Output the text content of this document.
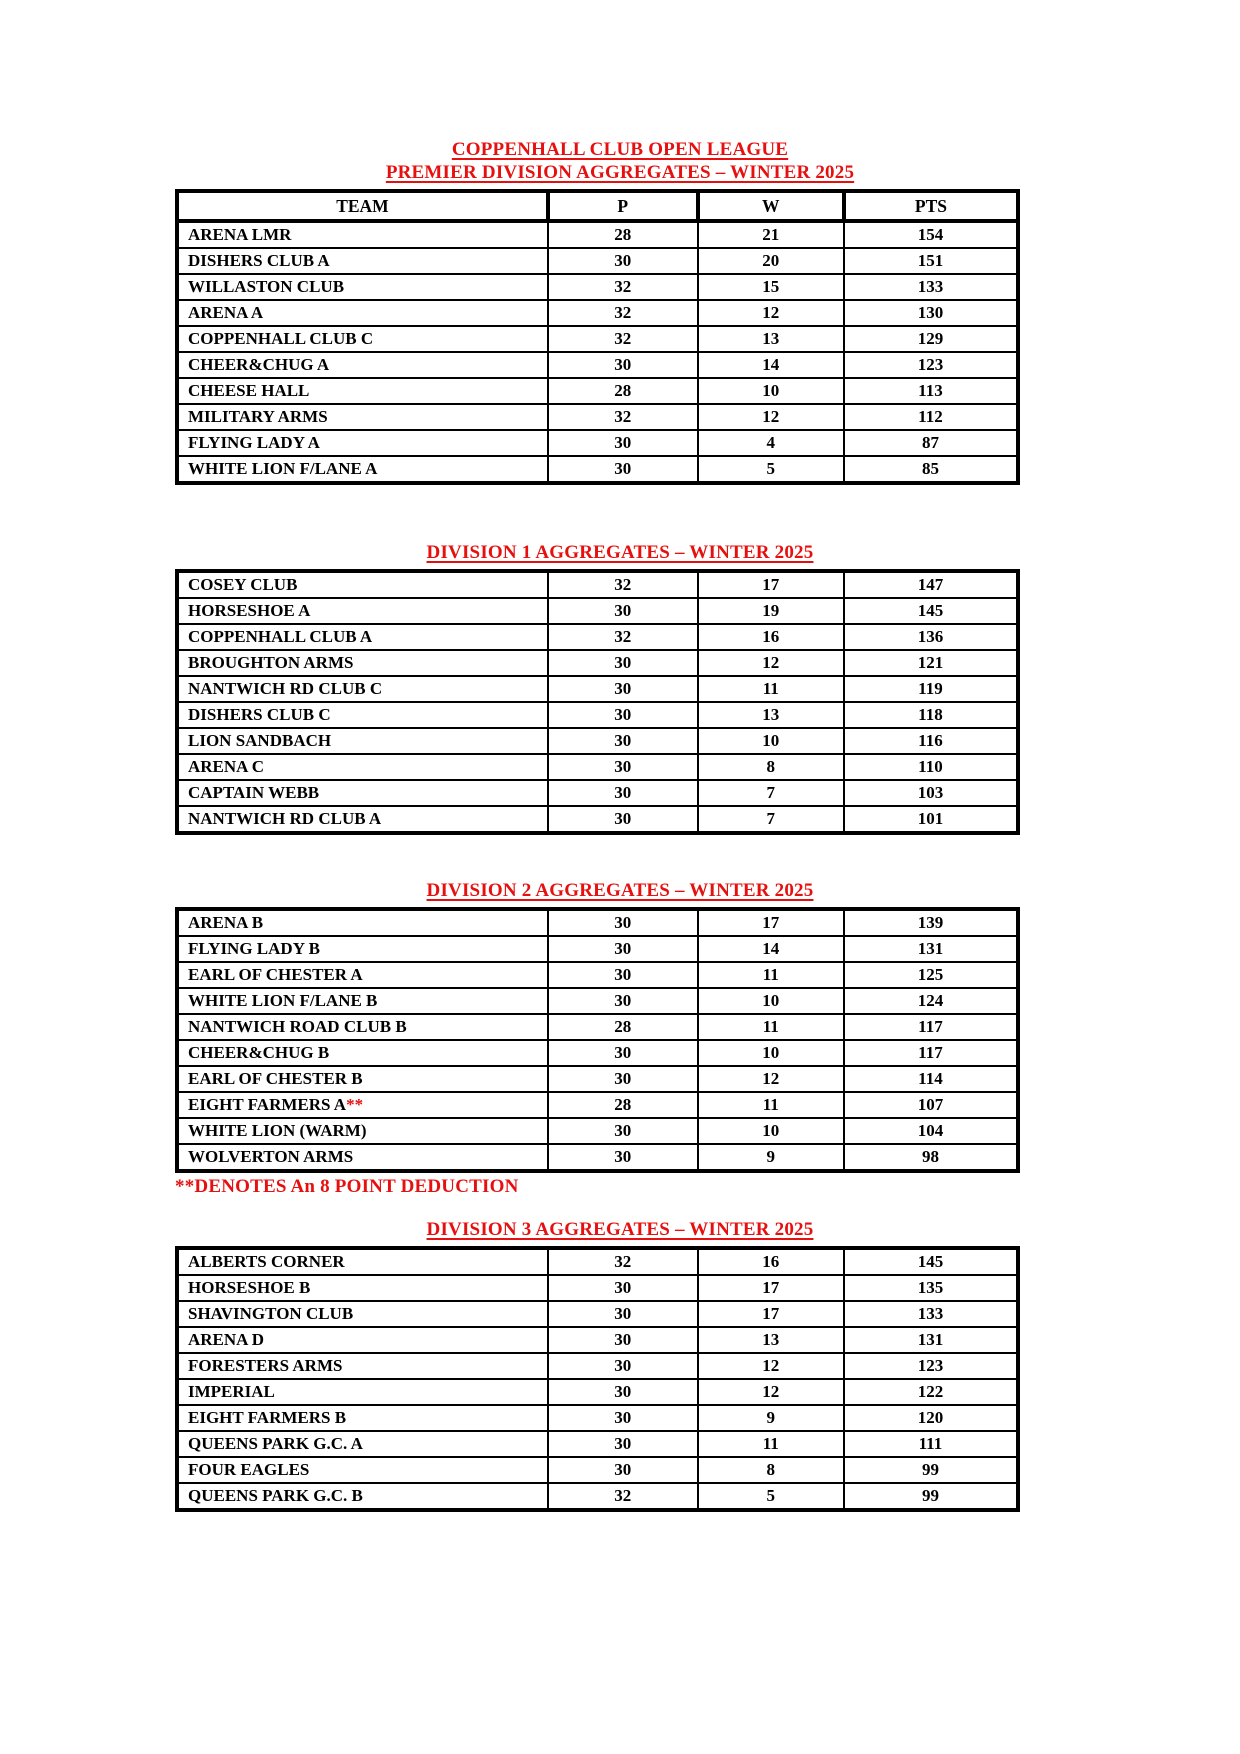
COPPENHALL CLUB OPEN LEAGUE
PREMIER DIVISION AGGREGATES – WINTER 2025
TEAM	P	W	PTS
ARENA LMR	28	21	154
DISHERS CLUB A	30	20	151
WILLASTON CLUB	32	15	133
ARENA A	32	12	130
COPPENHALL CLUB C	32	13	129
CHEER&CHUG A	30	14	123
CHEESE HALL	28	10	113
MILITARY ARMS	32	12	112
FLYING LADY A	30	4	87
WHITE LION F/LANE A	30	5	85
DIVISION 1 AGGREGATES – WINTER 2025
COSEY CLUB	32	17	147
HORSESHOE A	30	19	145
COPPENHALL CLUB A	32	16	136
BROUGHTON ARMS	30	12	121
NANTWICH RD CLUB C	30	11	119
DISHERS CLUB C	30	13	118
LION SANDBACH	30	10	116
ARENA C	30	8	110
CAPTAIN WEBB	30	7	103
NANTWICH RD CLUB A	30	7	101
DIVISION 2 AGGREGATES – WINTER 2025
ARENA B	30	17	139
FLYING LADY B	30	14	131
EARL OF CHESTER A	30	11	125
WHITE LION F/LANE B	30	10	124
NANTWICH ROAD CLUB B	28	11	117
CHEER&CHUG B	30	10	117
EARL OF CHESTER B	30	12	114
EIGHT FARMERS A**	28	11	107
WHITE LION (WARM)	30	10	104
WOLVERTON ARMS	30	9	98
**DENOTES An 8 POINT DEDUCTION
DIVISION 3 AGGREGATES – WINTER 2025
ALBERTS CORNER	32	16	145
HORSESHOE B	30	17	135
SHAVINGTON CLUB	30	17	133
ARENA D	30	13	131
FORESTERS ARMS	30	12	123
IMPERIAL	30	12	122
EIGHT FARMERS B	30	9	120
QUEENS PARK G.C. A	30	11	111
FOUR EAGLES	30	8	99
QUEENS PARK G.C. B	32	5	99
